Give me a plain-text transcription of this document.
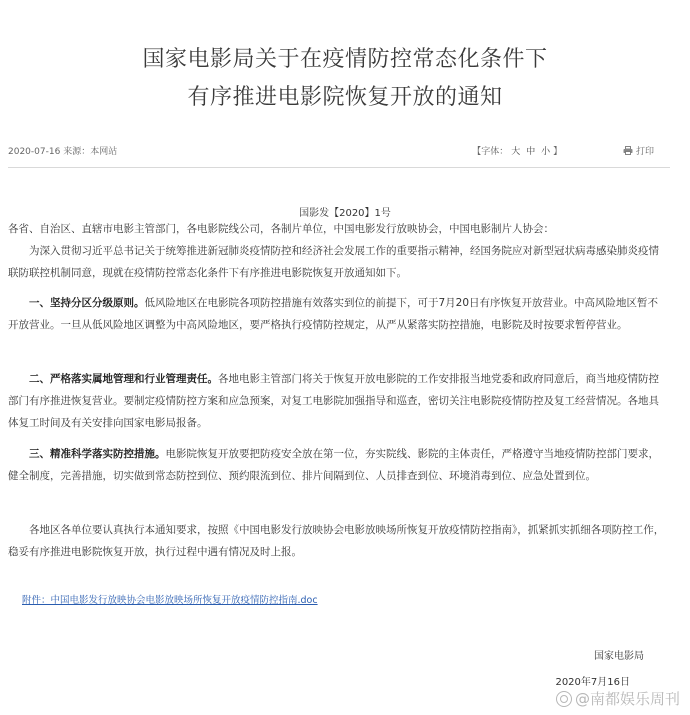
国家电影局关于在疫情防控常态化条件下
有序推进电影院恢复开放的通知
2020-07-16 来源：本网站	【字体： 大 中 小 】	打印
国影发【2020】1号

各省、自治区、直辖市电影主管部门，各电影院线公司，各制片单位，中国电影发行放映协会，中国电影制片人协会：

为深入贯彻习近平总书记关于统筹推进新冠肺炎疫情防控和经济社会发展工作的重要指示精神，经国务院应对新型冠状病毒感染肺炎疫情联防联控机制同意，现就在疫情防控常态化条件下有序推进电影院恢复开放通知如下。

一、坚持分区分级原则。低风险地区在电影院各项防控措施有效落实到位的前提下，可于7月20日有序恢复开放营业。中高风险地区暂不开放营业。一旦从低风险地区调整为中高风险地区，要严格执行疫情防控规定，从严从紧落实防控措施，电影院及时按要求暂停营业。

二、严格落实属地管理和行业管理责任。各地电影主管部门将关于恢复开放电影院的工作安排报当地党委和政府同意后，商当地疫情防控部门有序推进恢复营业。要制定疫情防控方案和应急预案，对复工电影院加强指导和巡查，密切关注电影院疫情防控及复工经营情况。各地具体复工时间及有关安排向国家电影局报备。

三、精准科学落实防控措施。电影院恢复开放要把防疫安全放在第一位，夯实院线、影院的主体责任，严格遵守当地疫情防控部门要求，健全制度，完善措施，切实做到常态防控到位、预约限流到位、排片间隔到位、人员排查到位、环境消毒到位、应急处置到位。

各地区各单位要认真执行本通知要求，按照《中国电影发行放映协会电影放映场所恢复开放疫情防控指南》，抓紧抓实抓细各项防控工作，稳妥有序推进电影院恢复开放，执行过程中遇有情况及时上报。

附件：中国电影发行放映协会电影放映场所恢复开放疫情防控指南.doc
国家电影局
2020年7月16日
@南都娱乐周刊
